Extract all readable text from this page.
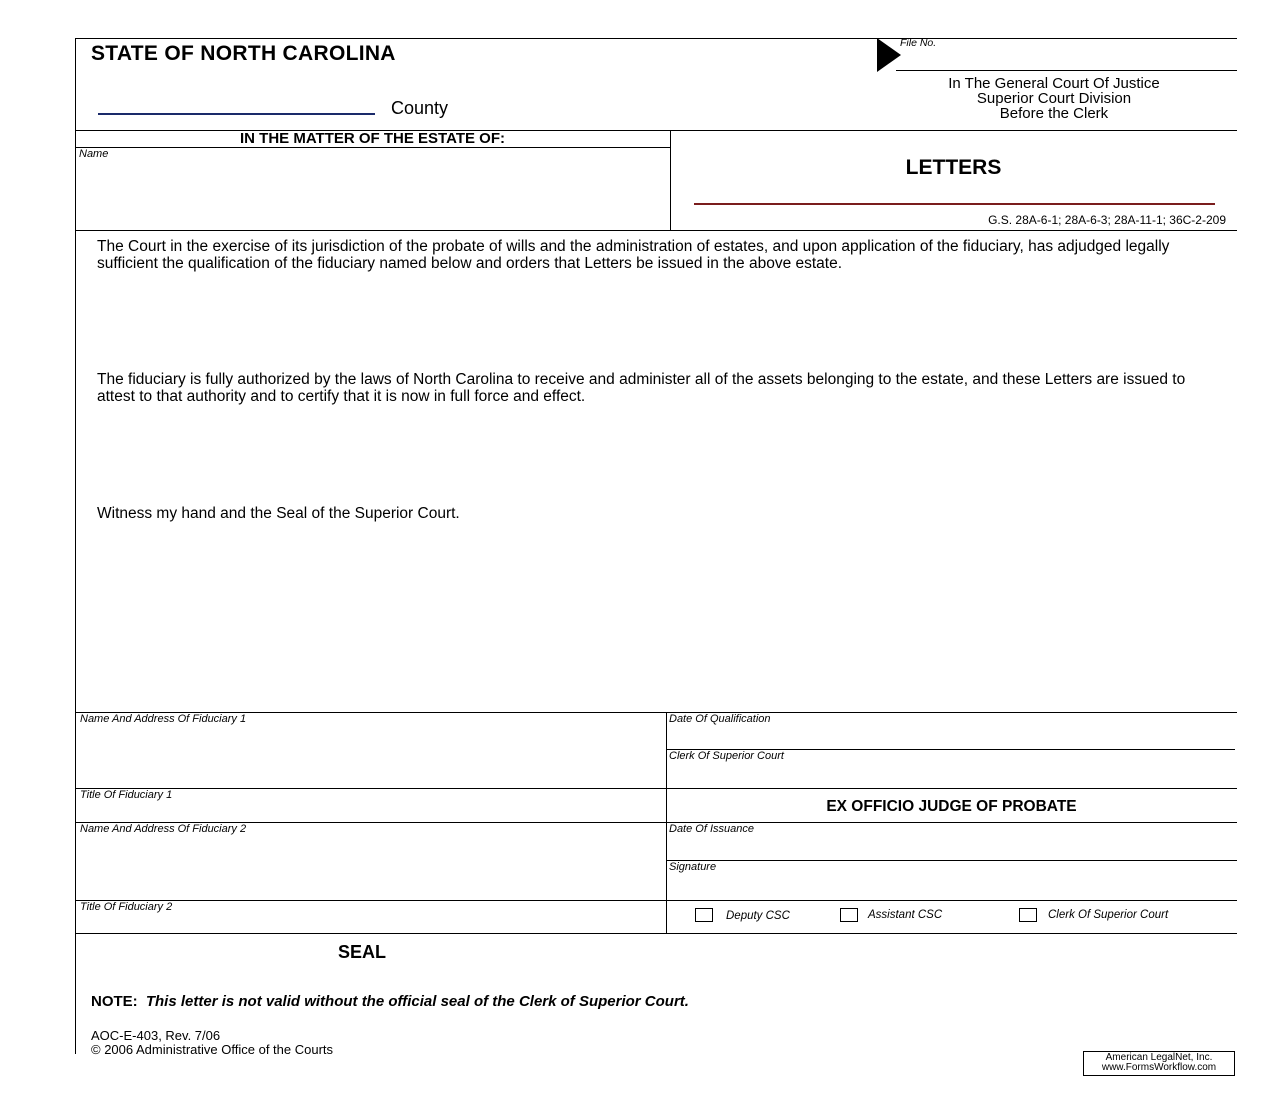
STATE OF NORTH CAROLINA
County
File No.
In The General Court Of Justice
Superior Court Division
Before the Clerk
IN THE MATTER OF THE ESTATE OF:
Name
LETTERS
G.S. 28A-6-1; 28A-6-3; 28A-11-1; 36C-2-209
The Court in the exercise of its jurisdiction of the probate of wills and the administration of estates, and upon application of the fiduciary, has adjudged legally sufficient the qualification of the fiduciary named below and orders that Letters be issued in the above estate.
The fiduciary is fully authorized by the laws of North Carolina to receive and administer all of the assets belonging to the estate, and these Letters are issued to attest to that authority and to certify that it is now in full force and effect.
Witness my hand and the Seal of the Superior Court.
Name And Address Of Fiduciary 1	Date Of Qualification
Clerk Of Superior Court
Title Of Fiduciary 1
EX OFFICIO JUDGE OF PROBATE
Name And Address Of Fiduciary 2	Date Of Issuance
Signature
Title Of Fiduciary 2
Deputy CSC	Assistant CSC	Clerk Of Superior Court
SEAL
NOTE: This letter is not valid without the official seal of the Clerk of Superior Court.
AOC-E-403, Rev. 7/06
© 2006 Administrative Office of the Courts
American LegalNet, Inc.
www.FormsWorkflow.com
